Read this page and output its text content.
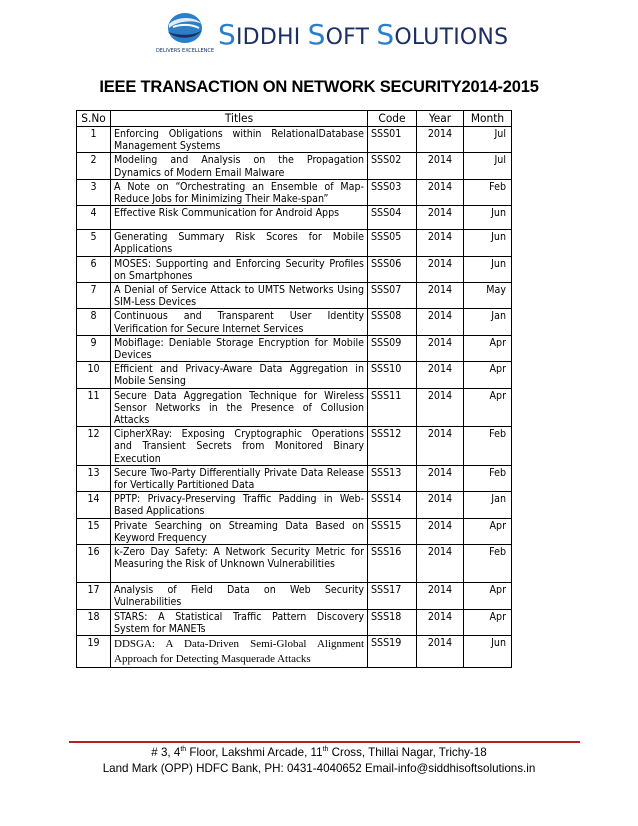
DELIVERS EXCELLENCE SIDDHI SOFT SOLUTIONS
IEEE TRANSACTION ON NETWORK SECURITY2014-2015
S.No	Titles	Code	Year	Month
1	Enforcing Obligations within RelationalDatabase Management Systems	SSS01	2014	Jul
2	Modeling and Analysis on the Propagation Dynamics of Modern Email Malware	SSS02	2014	Jul
3	A Note on “Orchestrating an Ensemble of Map-Reduce Jobs for Minimizing Their Make-span”	SSS03	2014	Feb
4	Effective Risk Communication for Android Apps	SSS04	2014	Jun
5	Generating Summary Risk Scores for Mobile Applications	SSS05	2014	Jun
6	MOSES: Supporting and Enforcing Security Profiles on Smartphones	SSS06	2014	Jun
7	A Denial of Service Attack to UMTS Networks Using SIM-Less Devices	SSS07	2014	May
8	Continuous and Transparent User Identity Verification for Secure Internet Services	SSS08	2014	Jan
9	Mobiflage: Deniable Storage Encryption for Mobile Devices	SSS09	2014	Apr
10	Efficient and Privacy-Aware Data Aggregation in Mobile Sensing	SSS10	2014	Apr
11	Secure Data Aggregation Technique for Wireless Sensor Networks in the Presence of Collusion Attacks	SSS11	2014	Apr
12	CipherXRay: Exposing Cryptographic Operations and Transient Secrets from Monitored Binary Execution	SSS12	2014	Feb
13	Secure Two-Party Differentially Private Data Release for Vertically Partitioned Data	SSS13	2014	Feb
14	PPTP: Privacy-Preserving Traffic Padding in Web-Based Applications	SSS14	2014	Jan
15	Private Searching on Streaming Data Based on Keyword Frequency	SSS15	2014	Apr
16	k-Zero Day Safety: A Network Security Metric for Measuring the Risk of Unknown Vulnerabilities	SSS16	2014	Feb
17	Analysis of Field Data on Web Security Vulnerabilities	SSS17	2014	Apr
18	STARS: A Statistical Traffic Pattern Discovery System for MANETs	SSS18	2014	Apr
19	DDSGA: A Data-Driven Semi-Global Alignment Approach for Detecting Masquerade Attacks	SSS19	2014	Jun
# 3, 4th Floor, Lakshmi Arcade, 11th Cross, Thillai Nagar, Trichy-18
Land Mark (OPP) HDFC Bank, PH: 0431-4040652 Email-info@siddhisoftsolutions.in
